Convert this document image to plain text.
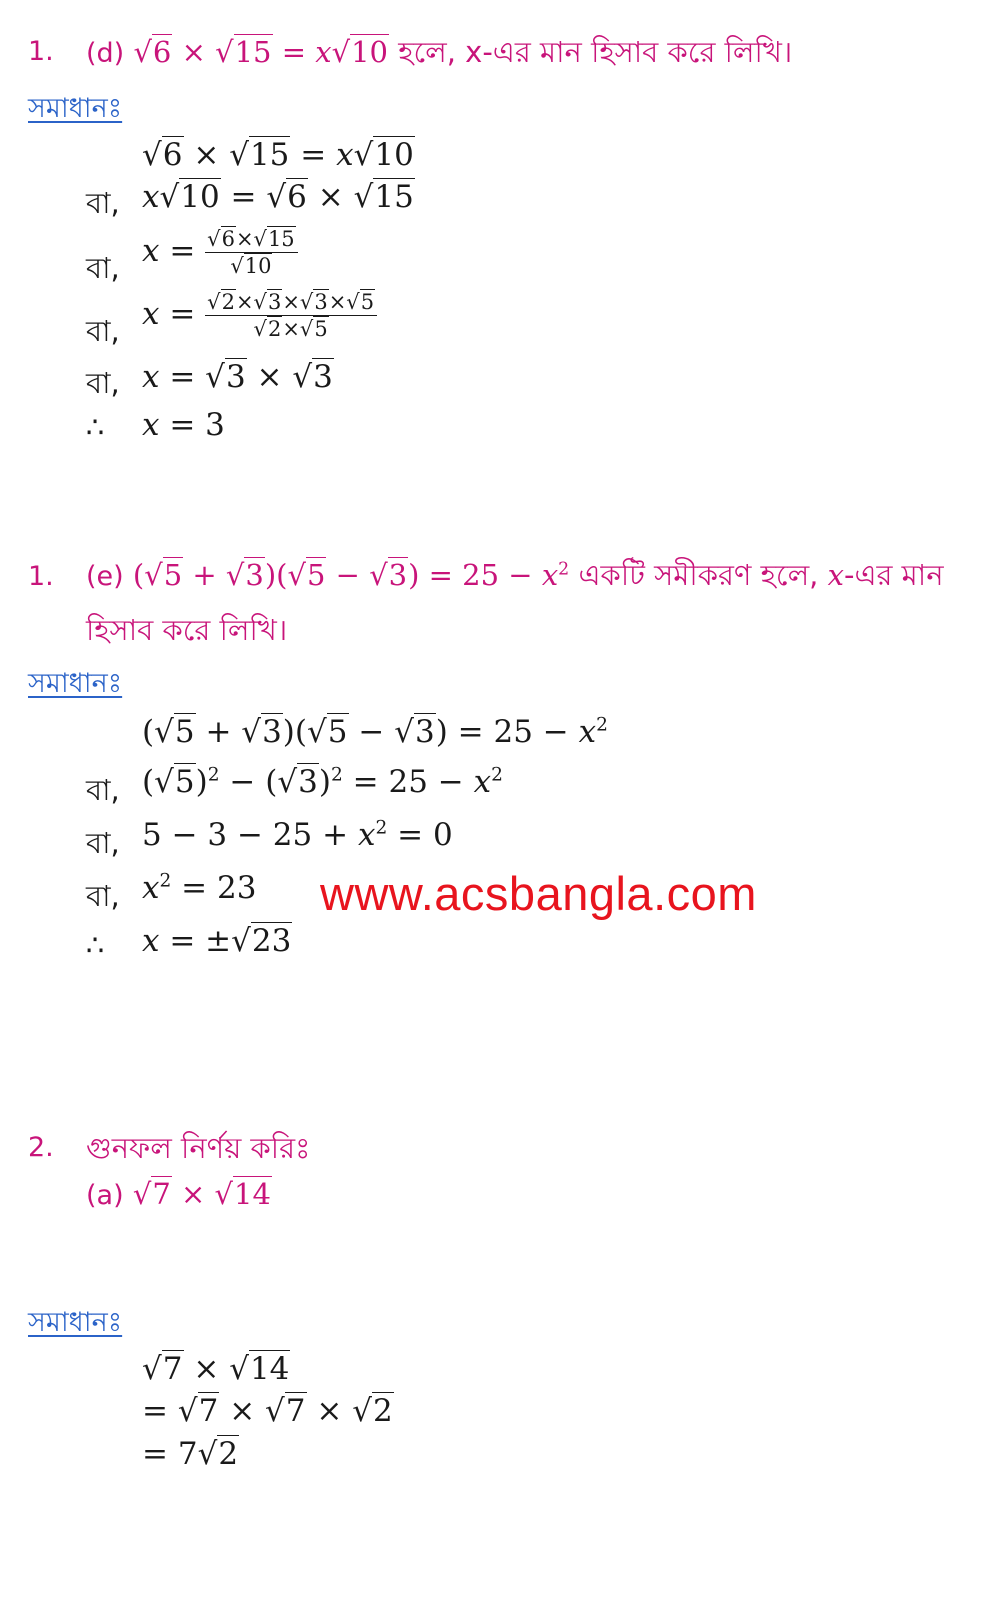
1. (d) √6 × √15 = x√10 হলে, x-এর মান হিসাব করে লিখি।
সমাধানঃ
√6 × √15 = x√10
বা, x√10 = √6 × √15
বা, $x = \frac{√6\times√15}{√10}$
বা, $x = \frac{√2\times√3\times√3\times√5}{√2\times√5}$
বা, x = √3 × √3
∴ x = 3
1. (e) $(√5 + √3)(√5 - √3) = 25 - x^2$ একটি সমীকরণ হলে, x-এর মান
হিসাব করে লিখি।
সমাধানঃ
$(√5 + √3)(√5 - √3) = 25 - x^2$
বা, $(√5)^2 - (√3)^2 = 25 - x^2$
বা, $5 - 3 - 25 + x^2 = 0$
বা, $x^2 = 23$ www.acsbangla.com
∴ x = ±√23
2. গুনফল নির্ণয় করিঃ
(a) √7 × √14
সমাধানঃ
√7 × √14
= √7 × √7 × √2
= 7√2
